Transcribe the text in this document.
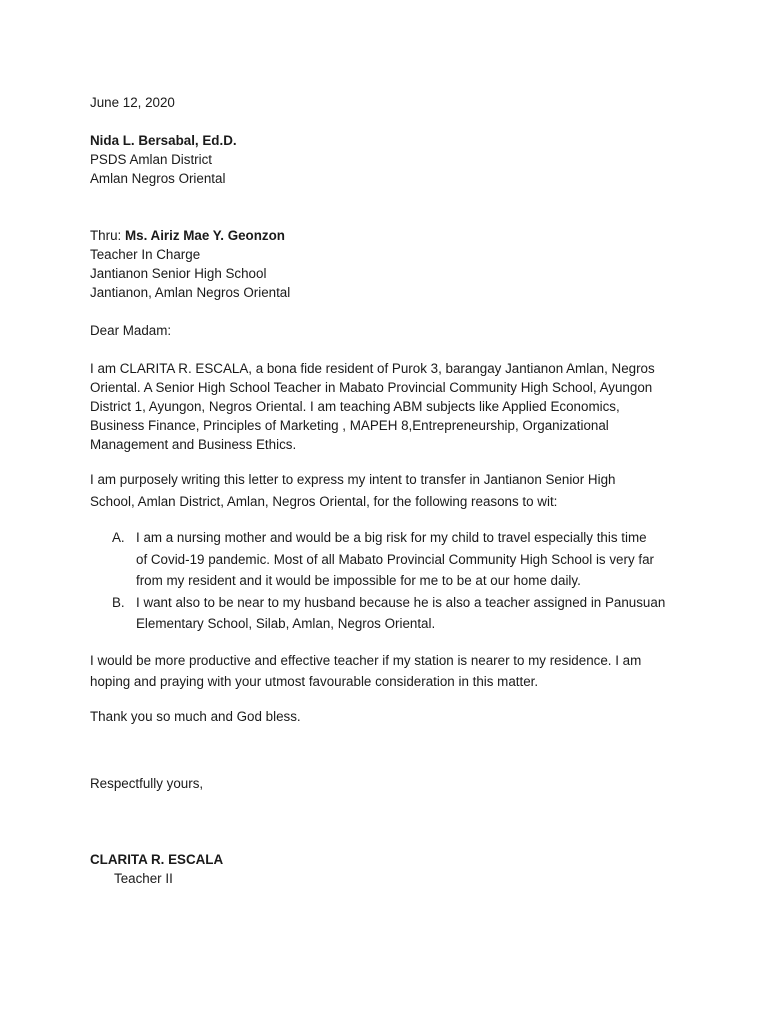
June 12, 2020
Nida L. Bersabal, Ed.D.
PSDS Amlan District
Amlan Negros Oriental
Thru: Ms. Airiz Mae Y. Geonzon
Teacher In Charge
Jantianon Senior High School
Jantianon, Amlan Negros Oriental
Dear Madam:
I am CLARITA R. ESCALA, a bona fide resident of Purok 3, barangay Jantianon Amlan, Negros
Oriental. A Senior High School Teacher in Mabato Provincial Community High School, Ayungon
District 1, Ayungon, Negros Oriental. I am teaching ABM subjects like Applied Economics,
Business Finance, Principles of Marketing , MAPEH 8,Entrepreneurship, Organizational
Management and Business Ethics.
I am purposely writing this letter to express my intent to transfer in Jantianon Senior High
School, Amlan District, Amlan, Negros Oriental, for the following reasons to wit:
A. I am a nursing mother and would be a big risk for my child to travel especially this time
of Covid-19 pandemic. Most of all Mabato Provincial Community High School is very far
from my resident and it would be impossible for me to be at our home daily.
B. I want also to be near to my husband because he is also a teacher assigned in Panusuan
Elementary School, Silab, Amlan, Negros Oriental.
I would be more productive and effective teacher if my station is nearer to my residence. I am
hoping and praying with your utmost favourable consideration in this matter.
Thank you so much and God bless.
Respectfully yours,
CLARITA R. ESCALA
Teacher II
